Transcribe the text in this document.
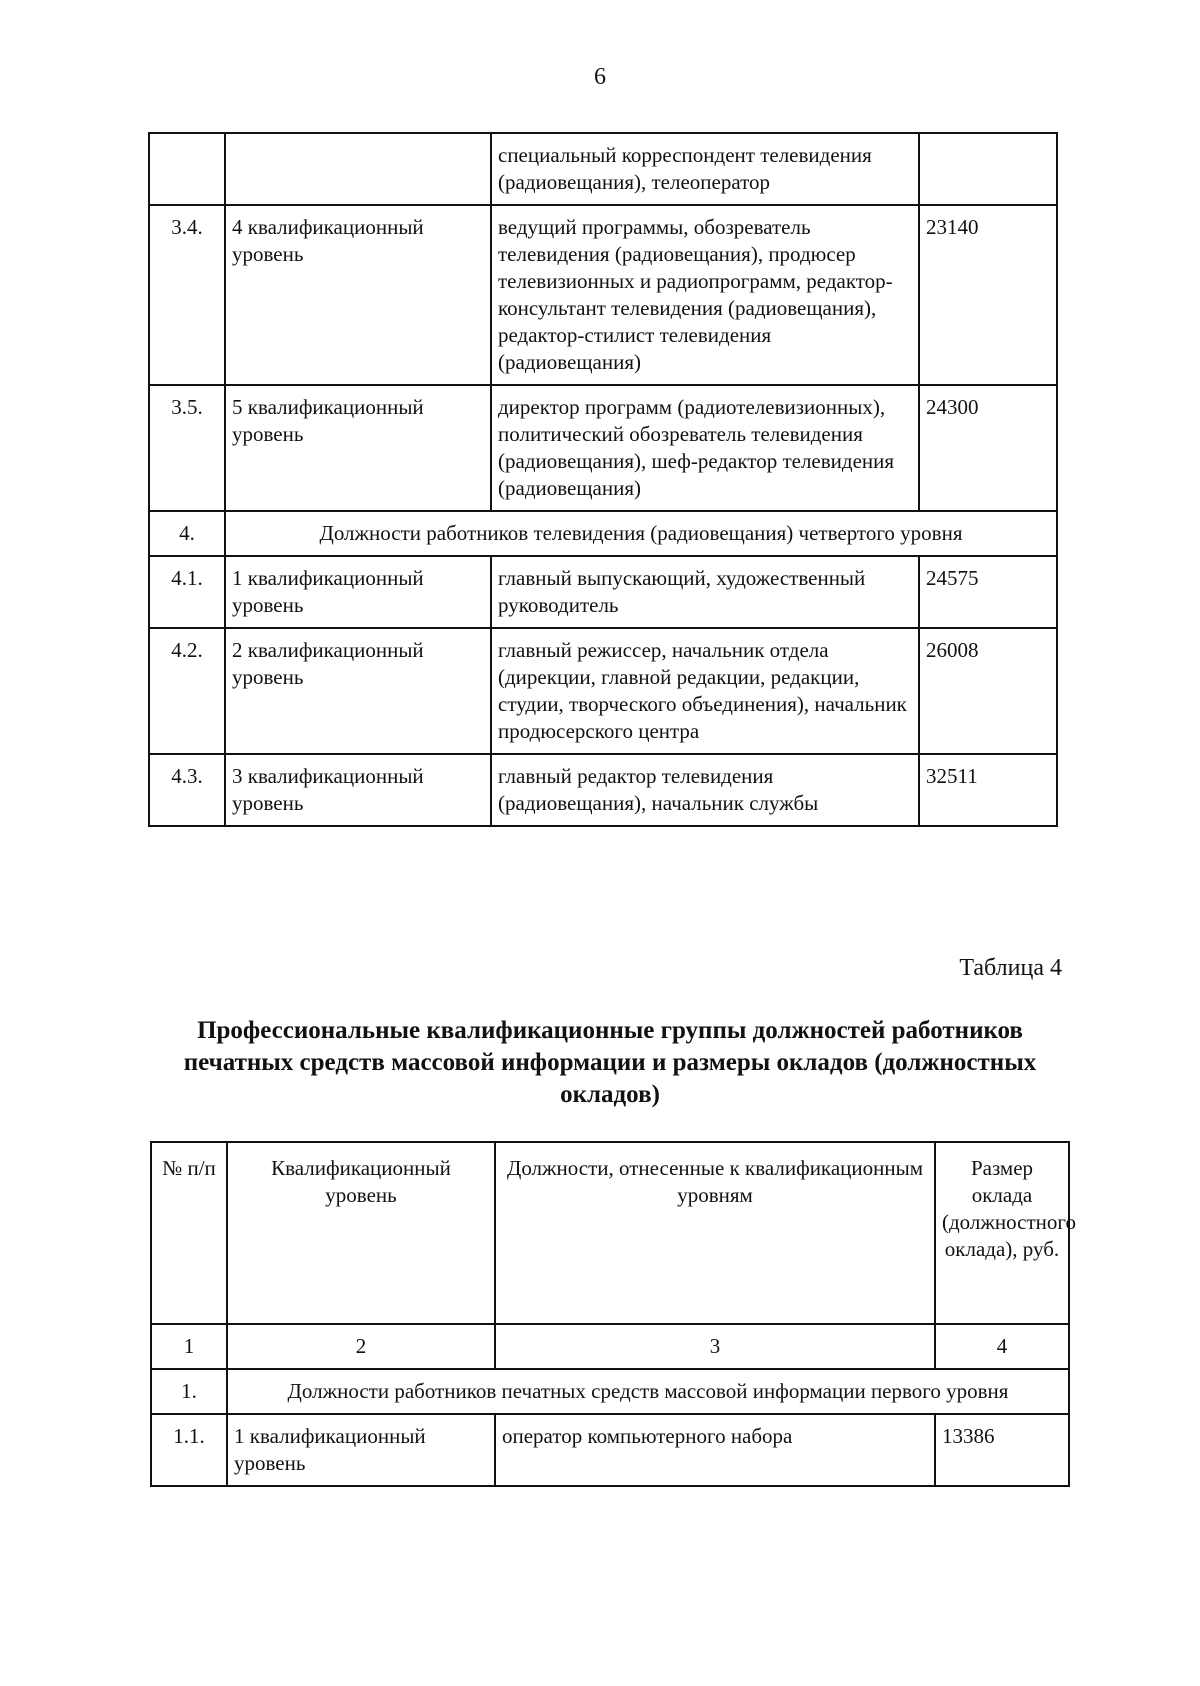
6
		специальный корреспондент телевидения (радиовещания), телеоператор	
3.4.	4 квалификационный уровень	ведущий программы, обозреватель телевидения (радиовещания), продюсер телевизионных и радиопрограмм, редактор-консультант телевидения (радиовещания), редактор-стилист телевидения (радиовещания)	23140
3.5.	5 квалификационный уровень	директор программ (радиотелевизионных), политический обозреватель телевидения (радиовещания), шеф-редактор телевидения (радиовещания)	24300
4.	Должности работников телевидения (радиовещания) четвертого уровня		
4.1.	1 квалификационный уровень	главный выпускающий, художественный руководитель	24575
4.2.	2 квалификационный уровень	главный режиссер, начальник отдела (дирекции, главной редакции, редакции, студии, творческого объединения), начальник продюсерского центра	26008
4.3.	3 квалификационный уровень	главный редактор телевидения (радиовещания), начальник службы	32511
Таблица 4
Профессиональные квалификационные группы должностей работников печатных средств массовой информации и размеры окладов (должностных окладов)
№ п/п	Квалификационный уровень	Должности, отнесенные к квалификационным уровням	Размер оклада (должностного оклада), руб.
1	2	3	4
1.	Должности работников печатных средств массовой информации первого уровня		
1.1.	1 квалификационный уровень	оператор компьютерного набора	13386
